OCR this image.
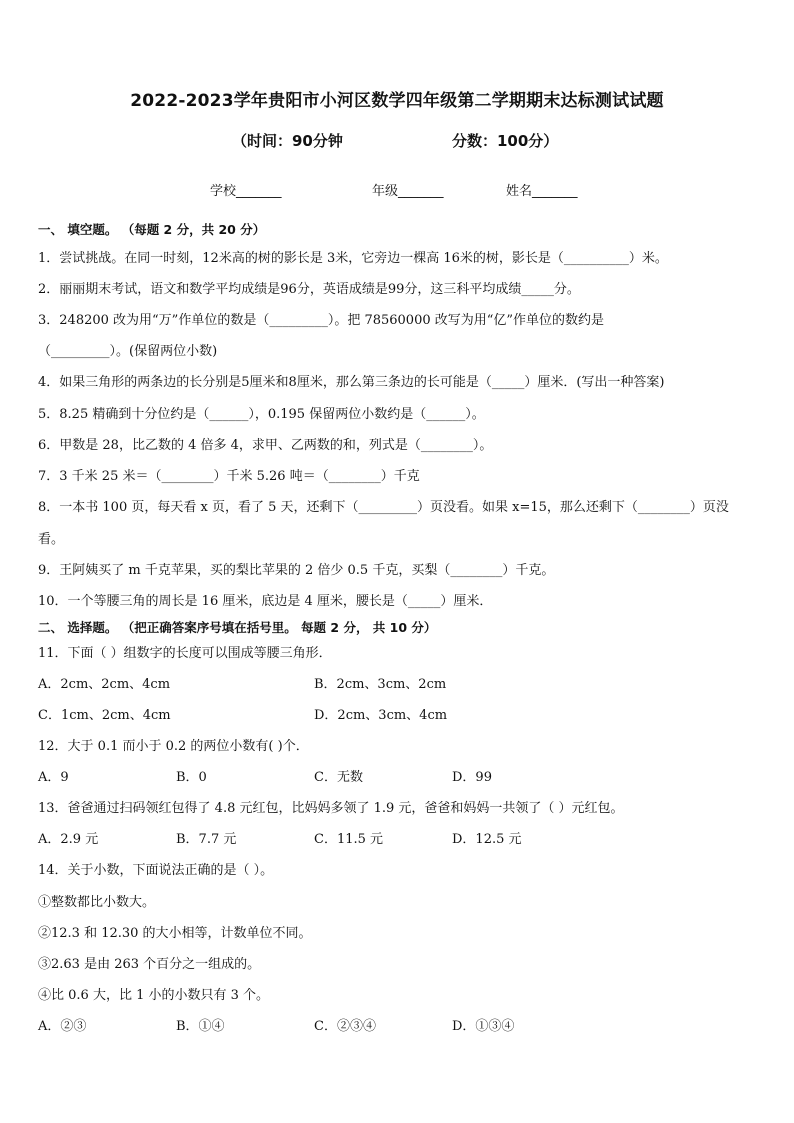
2022-2023学年贵阳市小河区数学四年级第二学期期末达标测试试题
（时间：90分钟	分数：100分）
学校_______	年级_______	姓名_______
一、 填空题。 （每题 2 分，共 20 分）
1．尝试挑战。在同一时刻，12米高的树的影长是 3米，它旁边一棵高 16米的树，影长是（__________）米。
2．丽丽期末考试，语文和数学平均成绩是96分，英语成绩是99分，这三科平均成绩_____分。
3．248200 改为用“万”作单位的数是（_________）。把 78560000 改写为用“亿”作单位的数约是
（_________）。(保留两位小数)
4．如果三角形的两条边的长分别是5厘米和8厘米，那么第三条边的长可能是（_____）厘米．(写出一种答案)
5．8.25 精确到十分位约是（______），0.195 保留两位小数约是（______）。
6．甲数是 28，比乙数的 4 倍多 4，求甲、乙两数的和，列式是（________）。
7．3 千米 25 米＝（________）千米 5.26 吨＝（________）千克
8．一本书 100 页，每天看 x 页，看了 5 天，还剩下（_________）页没看。如果 x=15，那么还剩下（________）页没
看。
9．王阿姨买了 m 千克苹果，买的梨比苹果的 2 倍少 0.5 千克，买梨（________）千克。
10．一个等腰三角的周长是 16 厘米，底边是 4 厘米，腰长是（_____）厘米．
二、 选择题。 （把正确答案序号填在括号里。 每题 2 分， 共 10 分）
11．下面（ ）组数字的长度可以围成等腰三角形．
A．2cm、2cm、4cm	B．2cm、3cm、2cm
C．1cm、2cm、4cm	D．2cm、3cm、4cm
12．大于 0.1 而小于 0.2 的两位小数有( )个．
A．9	B．0	C．无数	D．99
13．爸爸通过扫码领红包得了 4.8 元红包，比妈妈多领了 1.9 元，爸爸和妈妈一共领了（ ）元红包。
A．2.9 元	B．7.7 元	C．11.5 元	D．12.5 元
14．关于小数，下面说法正确的是（ ）。
①整数都比小数大。
②12.3 和 12.30 的大小相等，计数单位不同。
③2.63 是由 263 个百分之一组成的。
④比 0.6 大，比 1 小的小数只有 3 个。
A．②③	B．①④	C．②③④	D．①③④
